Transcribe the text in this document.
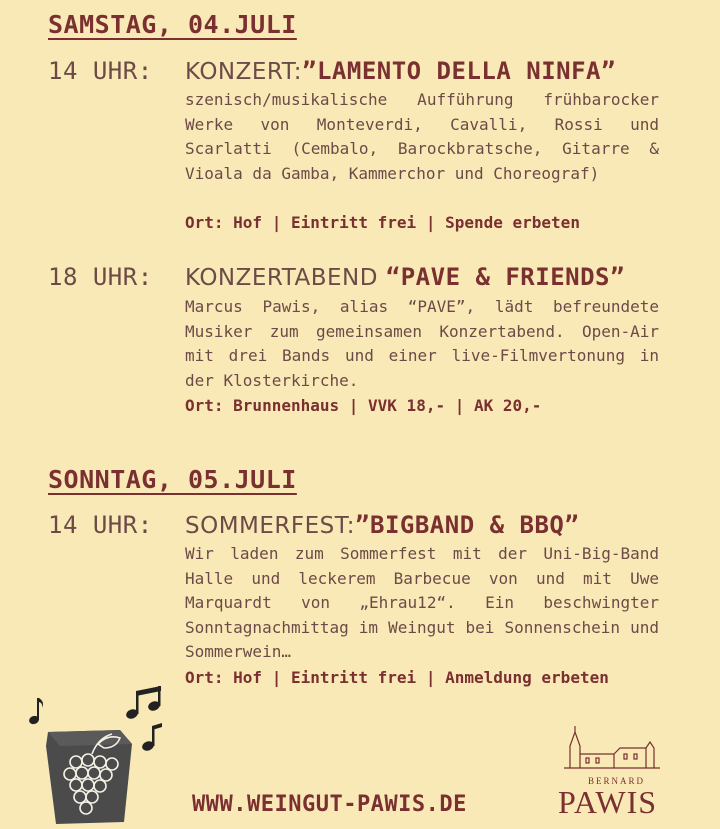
SAMSTAG, 04.JULI
14 UHR: KONZERT:”LAMENTO DELLA NINFA”
szenisch/musikalische Aufführung frühbarocker Werke von Monteverdi, Cavalli, Rossi und Scarlatti (Cembalo, Barockbratsche, Gitarre & Vioala da Gamba, Kammerchor und Choreograf)
Ort: Hof | Eintritt frei | Spende erbeten
18 UHR: KONZERTABEND “PAVE & FRIENDS”
Marcus Pawis, alias “PAVE”, lädt befreundete Musiker zum gemeinsamen Konzertabend. Open-Air mit drei Bands und einer live-Filmvertonung in der Klosterkirche.
Ort: Brunnenhaus | VVK 18,- | AK 20,-
SONNTAG, 05.JULI
14 UHR: SOMMERFEST:”BIGBAND & BBQ”
Wir laden zum Sommerfest mit der Uni-Big-Band Halle und leckerem Barbecue von und mit Uwe Marquardt von „Ehrau12“. Ein beschwingter Sonntagnachmittag im Weingut bei Sonnenschein und Sommerwein…
Ort: Hof | Eintritt frei | Anmeldung erbeten
WWW.WEINGUT-PAWIS.DE
BERNARD
PAWIS
